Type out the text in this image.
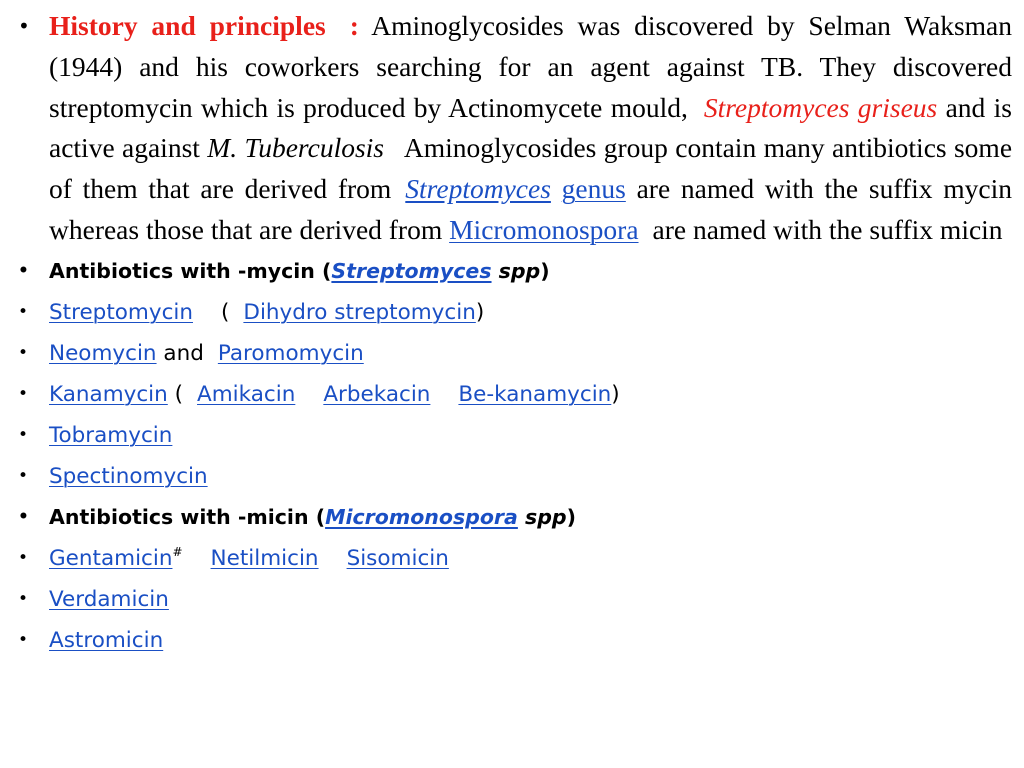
• History and principles : Aminoglycosides was discovered by Selman Waksman (1944) and his coworkers searching for an agent against TB. They discovered streptomycin which is produced by Actinomycete mould, Streptomyces griseus and is active against M. Tuberculosis Aminoglycosides group contain many antibiotics some of them that are derived from Streptomyces genus are named with the suffix mycin whereas those that are derived from Micromonospora are named with the suffix micin

• Antibiotics with -mycin (Streptomyces spp)
• Streptomycin ( Dihydro streptomycin)
• Neomycin and Paromomycin
• Kanamycin ( Amikacin Arbekacin Be-kanamycin)
• Tobramycin
• Spectinomycin
• Antibiotics with -micin (Micromonospora spp)
• Gentamicin# Netilmicin Sisomicin
• Verdamicin
• Astromicin
